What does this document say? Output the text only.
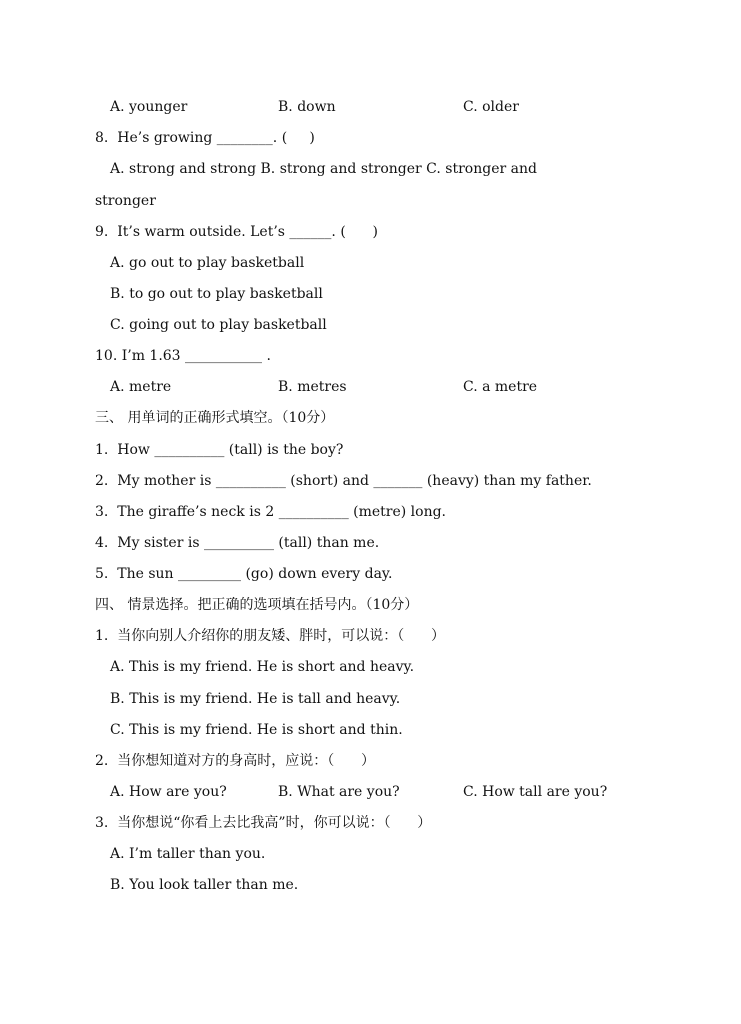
A. younger	B. down	C. older
8.  He’s growing ________. (     )
A. strong and strong B. strong and stronger C. stronger and
stronger
9.  It’s warm outside. Let’s ______. (      )
A. go out to play basketball
B. to go out to play basketball
C. going out to play basketball
10. I’m 1.63 ___________ .
A. metre	B. metres	C. a metre
三、 用单词的正确形式填空。（10分）
1.  How __________ (tall) is the boy?
2.  My mother is __________ (short) and _______ (heavy) than my father.
3.  The giraffe’s neck is 2 __________ (metre) long.
4.  My sister is __________ (tall) than me.
5.  The sun _________ (go) down every day.
四、 情景选择。把正确的选项填在括号内。（10分）
1.  当你向别人介绍你的朋友矮、胖时，可以说：（      ）
A. This is my friend. He is short and heavy.
B. This is my friend. He is tall and heavy.
C. This is my friend. He is short and thin.
2.  当你想知道对方的身高时，应说：（      ）
A. How are you?	B. What are you?	C. How tall are you?
3.  当你想说“你看上去比我高”时，你可以说：（      ）
A. I’m taller than you.
B. You look taller than me.
